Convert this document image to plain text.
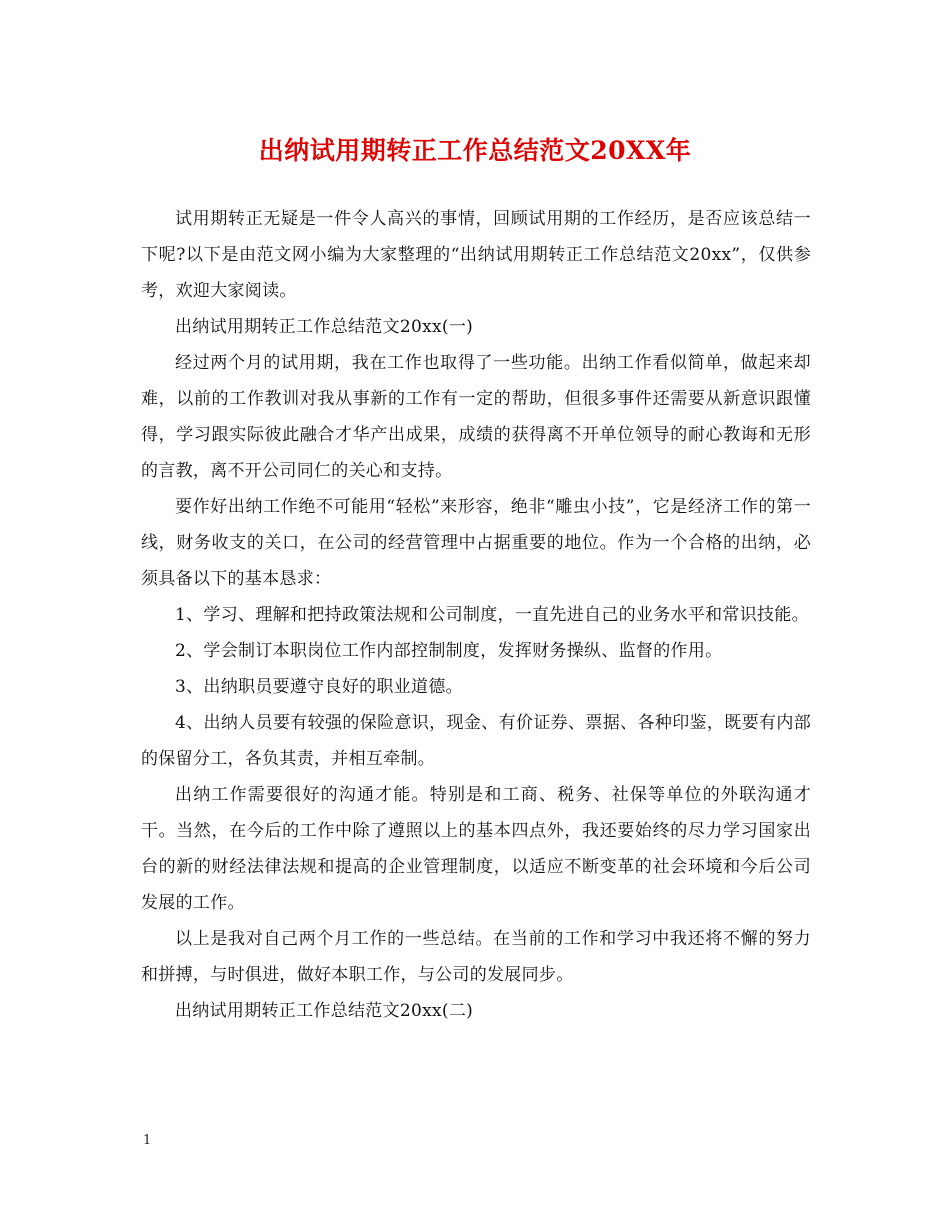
出纳试用期转正工作总结范文20XX年

试用期转正无疑是一件令人高兴的事情，回顾试用期的工作经历，是否应该总结一下呢?以下是由范文网小编为大家整理的“出纳试用期转正工作总结范文20xx”，仅供参考，欢迎大家阅读。

出纳试用期转正工作总结范文20xx(一)

经过两个月的试用期，我在工作也取得了一些功能。出纳工作看似简单，做起来却难，以前的工作教训对我从事新的工作有一定的帮助，但很多事件还需要从新意识跟懂得，学习跟实际彼此融合才华产出成果，成绩的获得离不开单位领导的耐心教诲和无形的言教，离不开公司同仁的关心和支持。

要作好出纳工作绝不可能用“轻松”来形容，绝非“雕虫小技”，它是经济工作的第一线，财务收支的关口，在公司的经营管理中占据重要的地位。作为一个合格的出纳，必须具备以下的基本恳求：

1、学习、理解和把持政策法规和公司制度，一直先进自己的业务水平和常识技能。

2、学会制订本职岗位工作内部控制制度，发挥财务操纵、监督的作用。

3、出纳职员要遵守良好的职业道德。

4、出纳人员要有较强的保险意识，现金、有价证券、票据、各种印鉴，既要有内部的保留分工，各负其责，并相互牵制。

出纳工作需要很好的沟通才能。特别是和工商、税务、社保等单位的外联沟通才干。当然，在今后的工作中除了遵照以上的基本四点外，我还要始终的尽力学习国家出台的新的财经法律法规和提高的企业管理制度，以适应不断变革的社会环境和今后公司发展的工作。

以上是我对自己两个月工作的一些总结。在当前的工作和学习中我还将不懈的努力和拼搏，与时俱进，做好本职工作，与公司的发展同步。

出纳试用期转正工作总结范文20xx(二)

1
